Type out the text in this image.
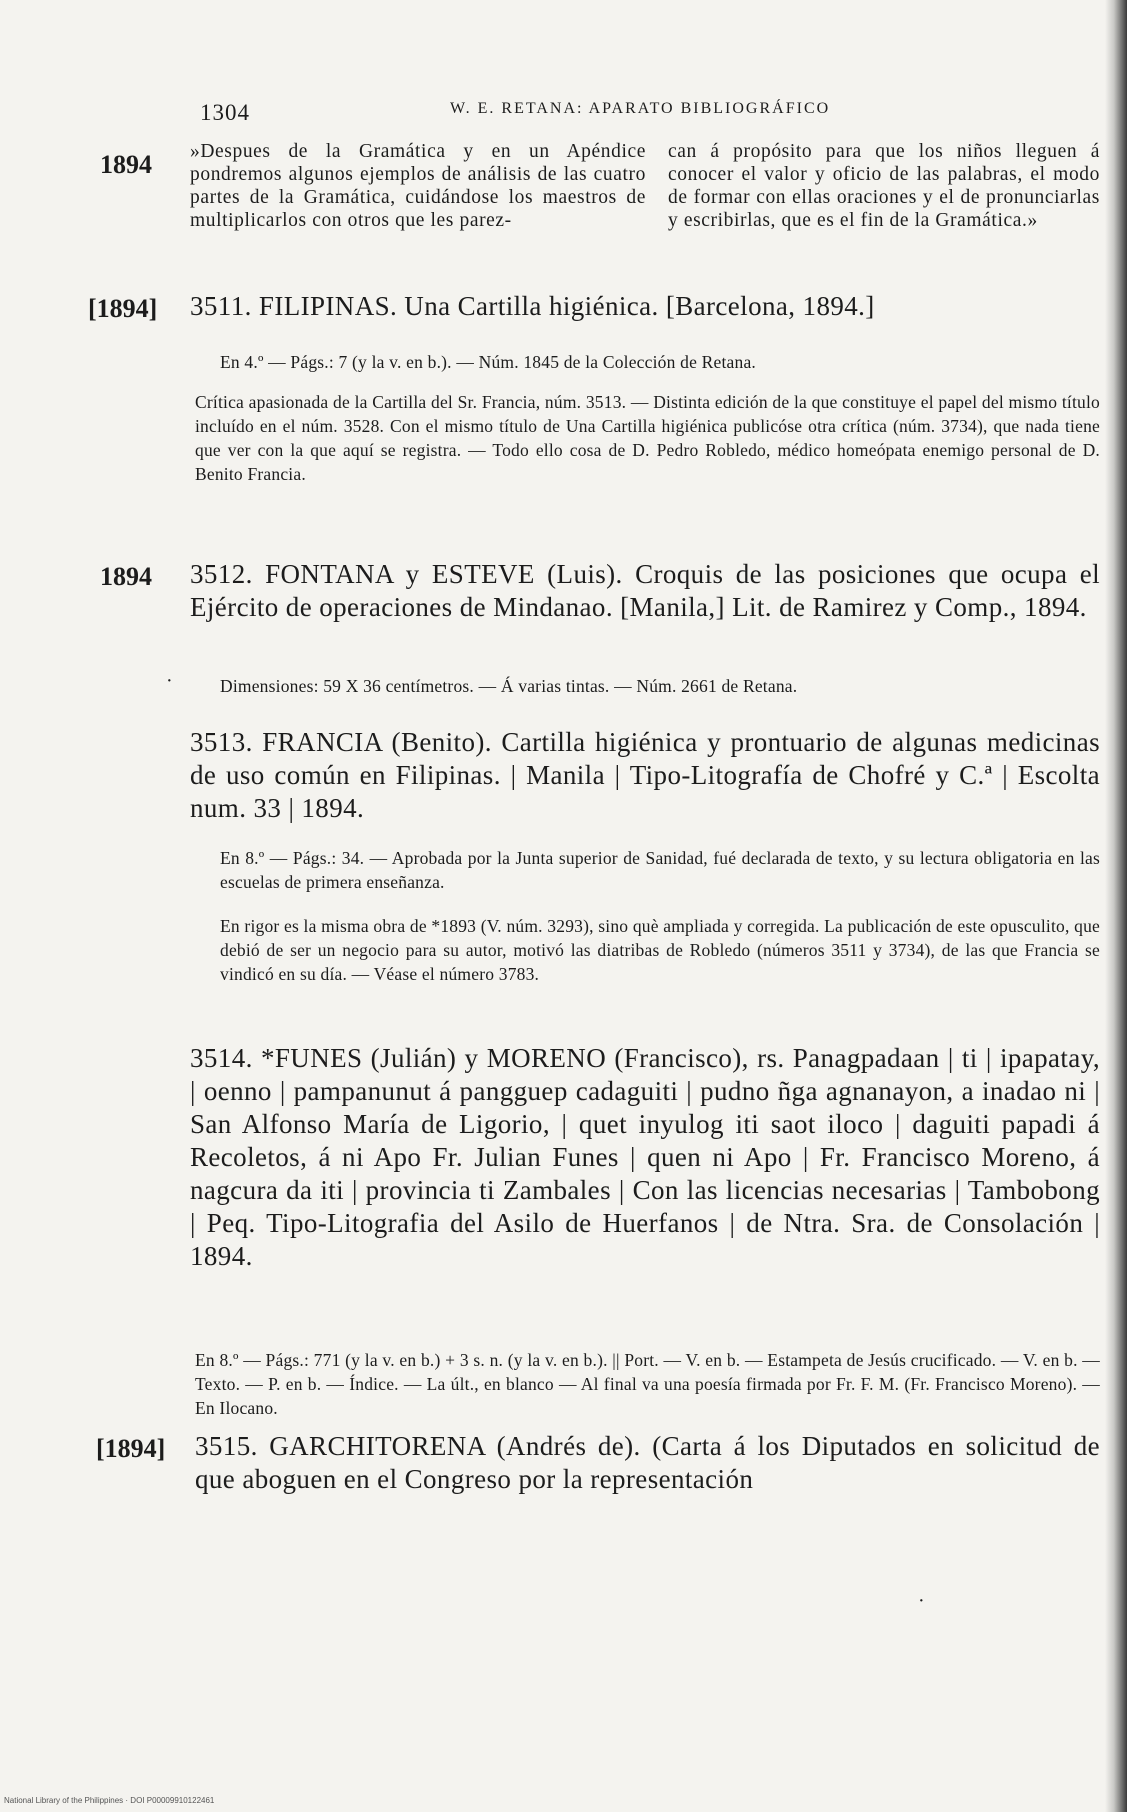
1304	W. E. RETANA: APARATO BIBLIOGRÁFICO
1894 »Despues de la Gramática y en un Apéndice pondremos algunos ejemplos de análisis de las cuatro partes de la Gramática, cuidándose los maestros de multiplicarlos con otros que les parez-
can á propósito para que los niños lleguen á conocer el valor y oficio de las palabras, el modo de formar con ellas oraciones y el de pronunciarlas y escribirlas, que es el fin de la Gramática.»
[1894] 3511. FILIPINAS. Una Cartilla higiénica. [Barcelona, 1894.]
En 4.º — Págs.: 7 (y la v. en b.). — Núm. 1845 de la Colección de Retana.
Crítica apasionada de la Cartilla del Sr. Francia, núm. 3513. — Distinta edición de la que constituye el papel del mismo título incluído en el núm. 3528. Con el mismo título de Una Cartilla higiénica publicóse otra crítica (núm. 3734), que nada tiene que ver con la que aquí se registra. — Todo ello cosa de D. Pedro Robledo, médico homeópata enemigo personal de D. Benito Francia.
1894 3512. FONTANA y ESTEVE (Luis). Croquis de las posiciones que ocupa el Ejército de operaciones de Mindanao. [Manila,] Lit. de Ramirez y Comp., 1894.
·	Dimensiones: 59 X 36 centímetros. — Á varias tintas. — Núm. 2661 de Retana.
3513. FRANCIA (Benito). Cartilla higiénica y prontuario de algunas medicinas de uso común en Filipinas. | Manila | Tipo-Litografía de Chofré y C.ª | Escolta num. 33 | 1894.
En 8.º — Págs.: 34. — Aprobada por la Junta superior de Sanidad, fué declarada de texto, y su lectura obligatoria en las escuelas de primera enseñanza.
En rigor es la misma obra de *1893 (V. núm. 3293), sino què ampliada y corregida. La publicación de este opusculito, que debió de ser un negocio para su autor, motivó las diatribas de Robledo (números 3511 y 3734), de las que Francia se vindicó en su día. — Véase el número 3783.
3514. *FUNES (Julián) y MORENO (Francisco), rs. Panagpadaan | ti | ipapatay, | oenno | pampanunut á pangguep cadaguiti | pudno ñga agnanayon, a inadao ni | San Alfonso María de Ligorio, | quet inyulog iti saot iloco | daguiti papadi á Recoletos, á ni Apo Fr. Julian Funes | quen ni Apo | Fr. Francisco Moreno, á nagcura da iti | provincia ti Zambales | Con las licencias necesarias | Tambobong | Peq. Tipo-Litografia del Asilo de Huerfanos | de Ntra. Sra. de Consolación | 1894.
En 8.º — Págs.: 771 (y la v. en b.) + 3 s. n. (y la v. en b.). || Port. — V. en b. — Estampeta de Jesús crucificado. — V. en b. — Texto. — P. en b. — Índice. — La últ., en blanco — Al final va una poesía firmada por Fr. F. M. (Fr. Francisco Moreno). — En Ilocano.
[1894] 3515. GARCHITORENA (Andrés de). (Carta á los Diputados en solicitud de que aboguen en el Congreso por la representación
·
National Library of the Philippines · DOI P00009910122461
